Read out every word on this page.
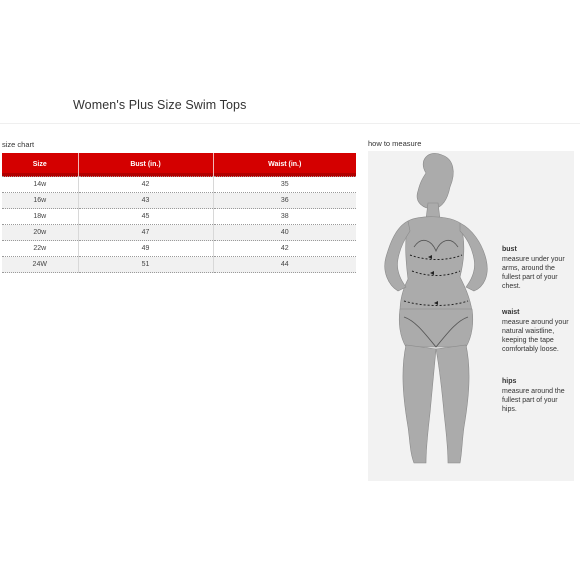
Women's Plus Size Swim Tops
size chart
Size	Bust (in.)	Waist (in.)
14w	42	35
16w	43	36
18w	45	38
20w	47	40
22w	49	42
24W	51	44
how to measure
bust
measure under your arms, around the fullest part of your chest.
waist
measure around your natural waistline, keeping the tape comfortably loose.
hips
measure around the fullest part of your hips.
